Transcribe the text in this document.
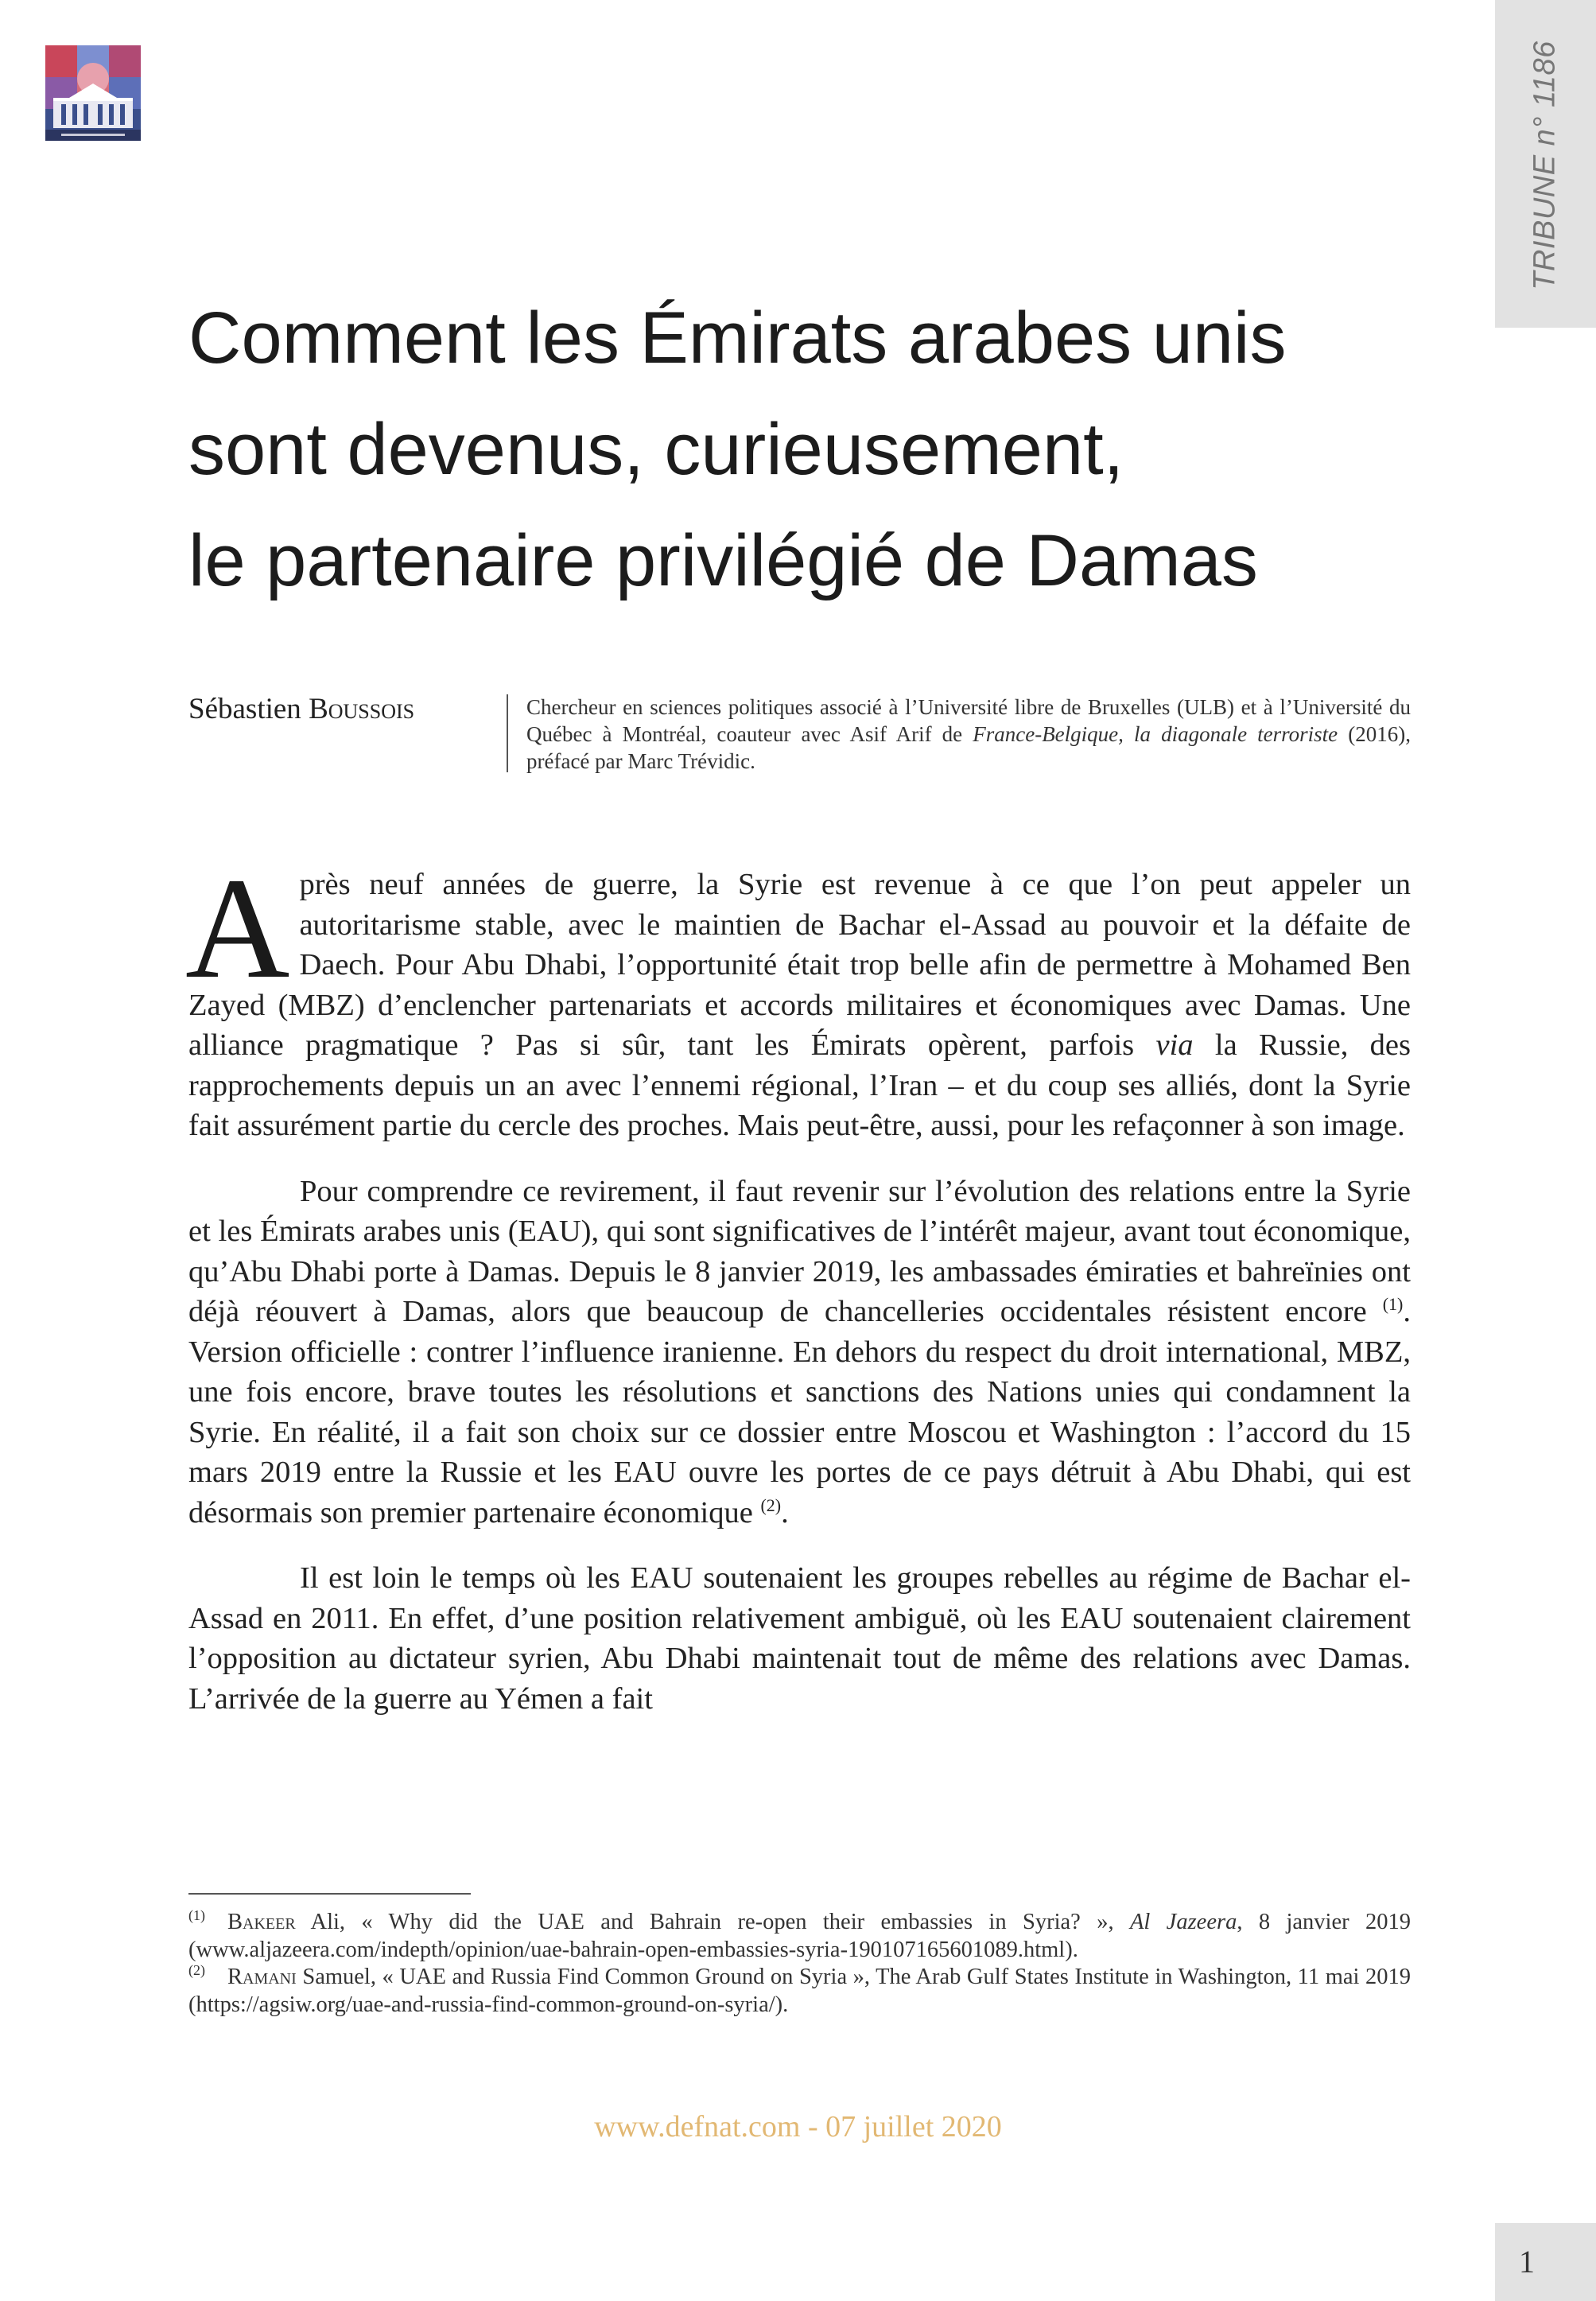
TRIBUNE n° 1186
Comment les Émirats arabes unis
sont devenus, curieusement,
le partenaire privilégié de Damas
Sébastien Boussois	Chercheur en sciences politiques associé à l’Université libre de Bruxelles (ULB) et à l’Université du Québec à Montréal, coauteur avec Asif Arif de France-Belgique, la diagonale terroriste (2016), préfacé par Marc Trévidic.

Après neuf années de guerre, la Syrie est revenue à ce que l’on peut appeler un autoritarisme stable, avec le maintien de Bachar el-Assad au pouvoir et la défaite de Daech. Pour Abu Dhabi, l’opportunité était trop belle afin de permettre à Mohamed Ben Zayed (MBZ) d’enclencher partenariats et accords militaires et économiques avec Damas. Une alliance pragmatique ? Pas si sûr, tant les Émirats opèrent, parfois via la Russie, des rapprochements depuis un an avec l’ennemi régional, l’Iran – et du coup ses alliés, dont la Syrie fait assurément partie du cercle des proches. Mais peut-être, aussi, pour les refaçonner à son image.

Pour comprendre ce revirement, il faut revenir sur l’évolution des relations entre la Syrie et les Émirats arabes unis (EAU), qui sont significatives de l’intérêt majeur, avant tout économique, qu’Abu Dhabi porte à Damas. Depuis le 8 janvier 2019, les ambassades émiraties et bahreïnies ont déjà réouvert à Damas, alors que beaucoup de chancelleries occidentales résistent encore $^{(1)}$. Version officielle : contrer l’influence iranienne. En dehors du respect du droit international, MBZ, une fois encore, brave toutes les résolutions et sanctions des Nations unies qui condamnent la Syrie. En réalité, il a fait son choix sur ce dossier entre Moscou et Washington : l’accord du 15 mars 2019 entre la Russie et les EAU ouvre les portes de ce pays détruit à Abu Dhabi, qui est désormais son premier partenaire économique $^{(2)}$.

Il est loin le temps où les EAU soutenaient les groupes rebelles au régime de Bachar el-Assad en 2011. En effet, d’une position relativement ambiguë, où les EAU soutenaient clairement l’opposition au dictateur syrien, Abu Dhabi maintenait tout de même des relations avec Damas. L’arrivée de la guerre au Yémen a fait

$^{(1)}$ Bakeer Ali, « Why did the UAE and Bahrain re-open their embassies in Syria? », Al Jazeera, 8 janvier 2019 (www.aljazeera.com/indepth/opinion/uae-bahrain-open-embassies-syria-190107165601089.html).

$^{(2)}$ Ramani Samuel, « UAE and Russia Find Common Ground on Syria », The Arab Gulf States Institute in Washington, 11 mai 2019 (https://agsiw.org/uae-and-russia-find-common-ground-on-syria/).

www.defnat.com - 07 juillet 2020
1
